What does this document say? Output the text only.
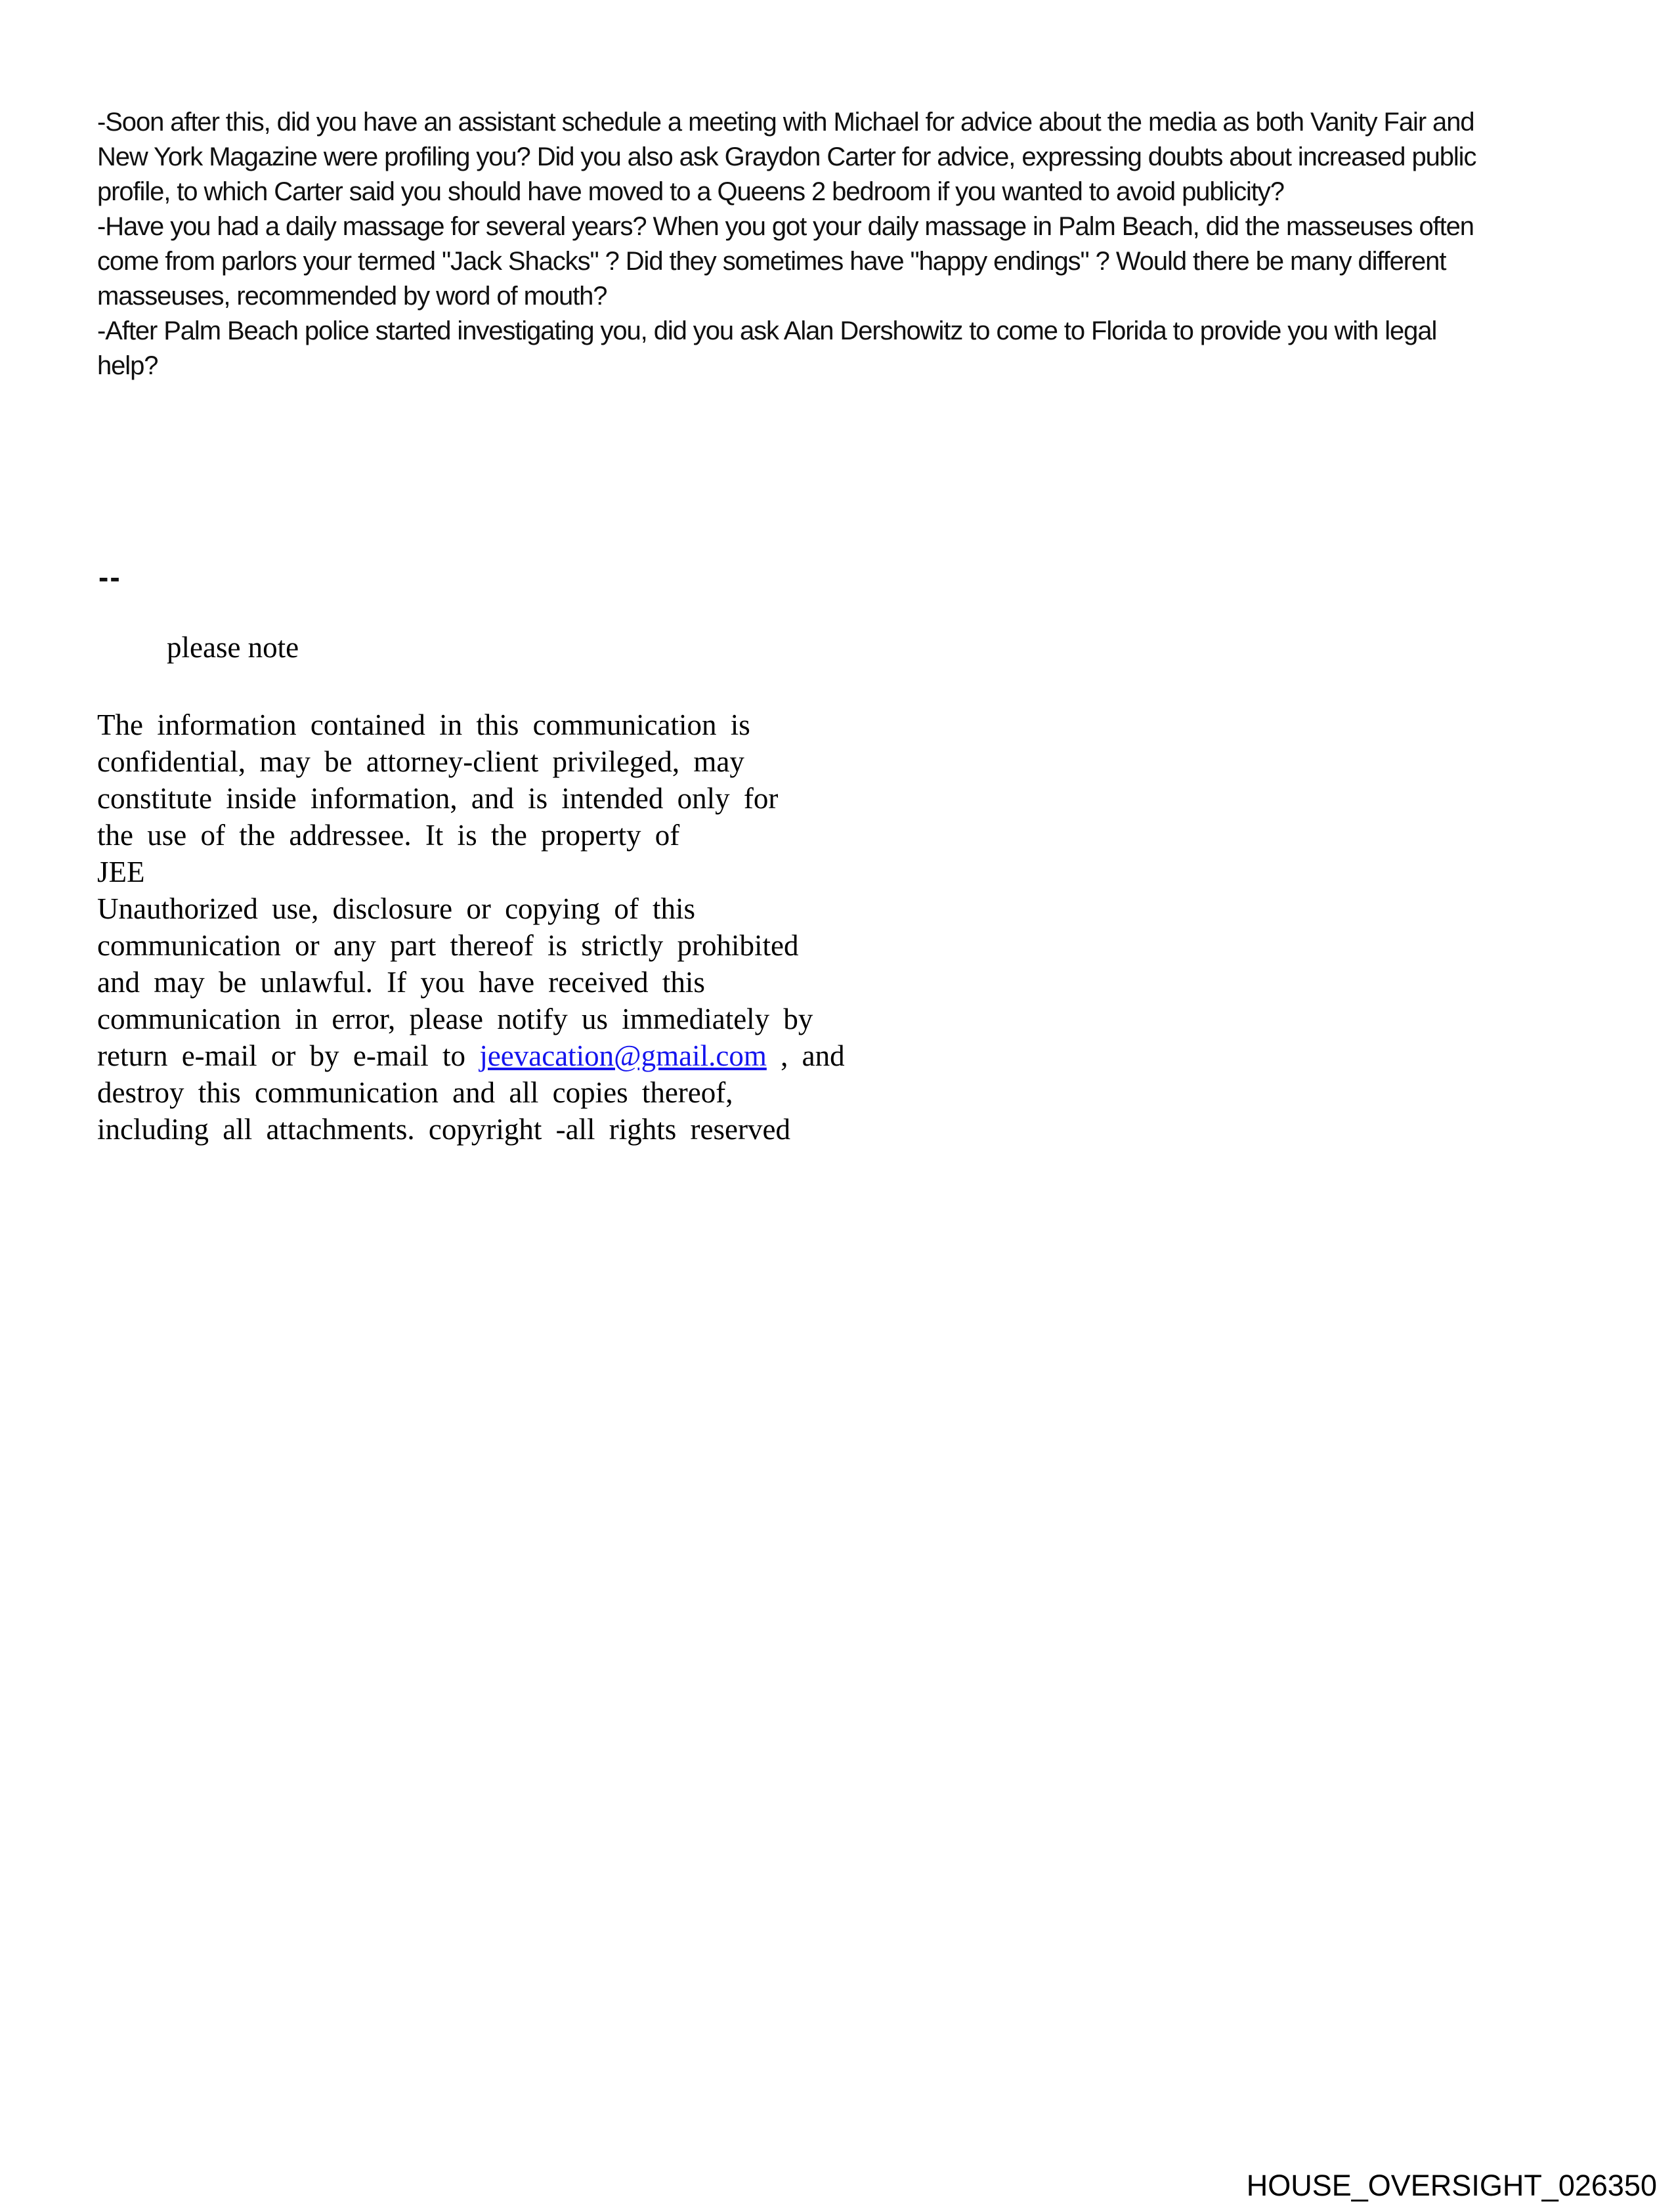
-Soon after this, did you have an assistant schedule a meeting with Michael for advice about the media as both Vanity Fair and
New York Magazine were profiling you? Did you also ask Graydon Carter for advice, expressing doubts about increased public
profile, to which Carter said you should have moved to a Queens 2 bedroom if you wanted to avoid publicity?
-Have you had a daily massage for several years? When you got your daily massage in Palm Beach, did the masseuses often
come from parlors your termed "Jack Shacks" ? Did they sometimes have "happy endings" ? Would there be many different
masseuses, recommended by word of mouth?
-After Palm Beach police started investigating you, did you ask Alan Dershowitz to come to Florida to provide you with legal
help?
--
please note
The information contained in this communication is
confidential, may be attorney-client privileged, may
constitute inside information, and is intended only for
the use of the addressee. It is the property of
JEE
Unauthorized use, disclosure or copying of this
communication or any part thereof is strictly prohibited
and may be unlawful. If you have received this
communication in error, please notify us immediately by
return e-mail or by e-mail to jeevacation@gmail.com , and
destroy this communication and all copies thereof,
including all attachments. copyright -all rights reserved
HOUSE_OVERSIGHT_026350
